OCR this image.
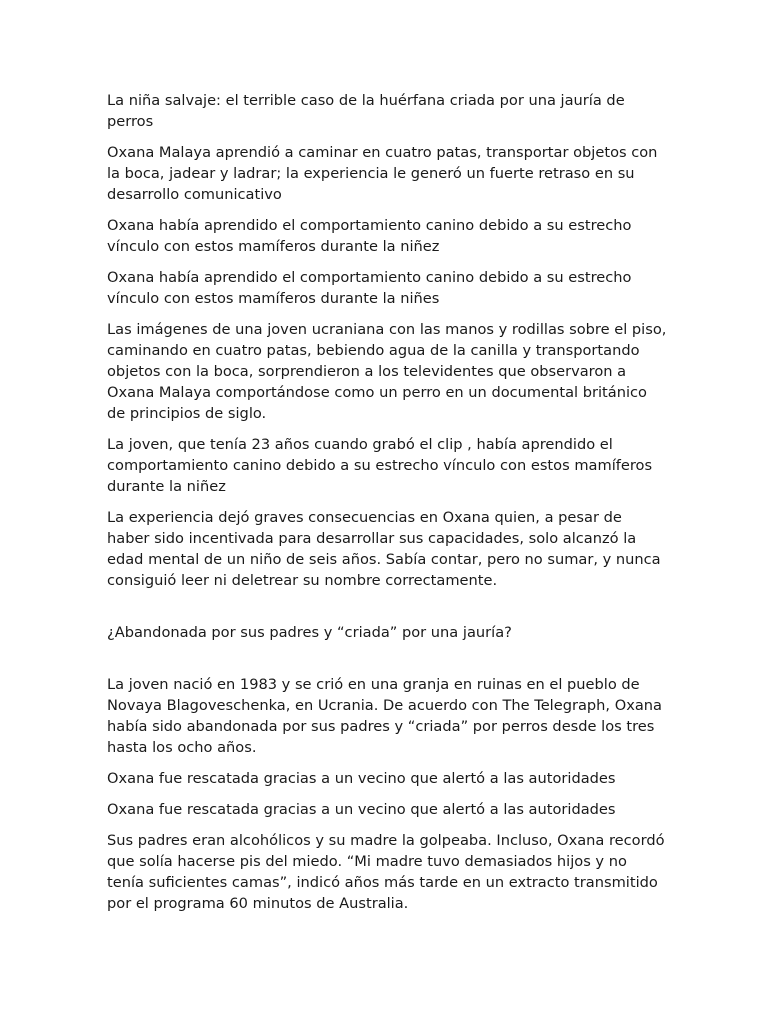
La niña salvaje: el terrible caso de la huérfana criada por una jauría de perros

Oxana Malaya aprendió a caminar en cuatro patas, transportar objetos con la boca, jadear y ladrar; la experiencia le generó un fuerte retraso en su desarrollo comunicativo

Oxana había aprendido el comportamiento canino debido a su estrecho vínculo con estos mamíferos durante la niñez

Oxana había aprendido el comportamiento canino debido a su estrecho vínculo con estos mamíferos durante la niñes

Las imágenes de una joven ucraniana con las manos y rodillas sobre el piso, caminando en cuatro patas, bebiendo agua de la canilla y transportando objetos con la boca, sorprendieron a los televidentes que observaron a Oxana Malaya comportándose como un perro en un documental británico de principios de siglo.

La joven, que tenía 23 años cuando grabó el clip , había aprendido el comportamiento canino debido a su estrecho vínculo con estos mamíferos durante la niñez

La experiencia dejó graves consecuencias en Oxana quien, a pesar de haber sido incentivada para desarrollar sus capacidades, solo alcanzó la edad mental de un niño de seis años. Sabía contar, pero no sumar, y nunca consiguió leer ni deletrear su nombre correctamente.

¿Abandonada por sus padres y “criada” por una jauría?

La joven nació en 1983 y se crió en una granja en ruinas en el pueblo de Novaya Blagoveschenka, en Ucrania. De acuerdo con The Telegraph, Oxana había sido abandonada por sus padres y “criada” por perros desde los tres hasta los ocho años.

Oxana fue rescatada gracias a un vecino que alertó a las autoridades

Oxana fue rescatada gracias a un vecino que alertó a las autoridades

Sus padres eran alcohólicos y su madre la golpeaba. Incluso, Oxana recordó que solía hacerse pis del miedo. “Mi madre tuvo demasiados hijos y no tenía suficientes camas”, indicó años más tarde en un extracto transmitido por el programa 60 minutos de Australia.
